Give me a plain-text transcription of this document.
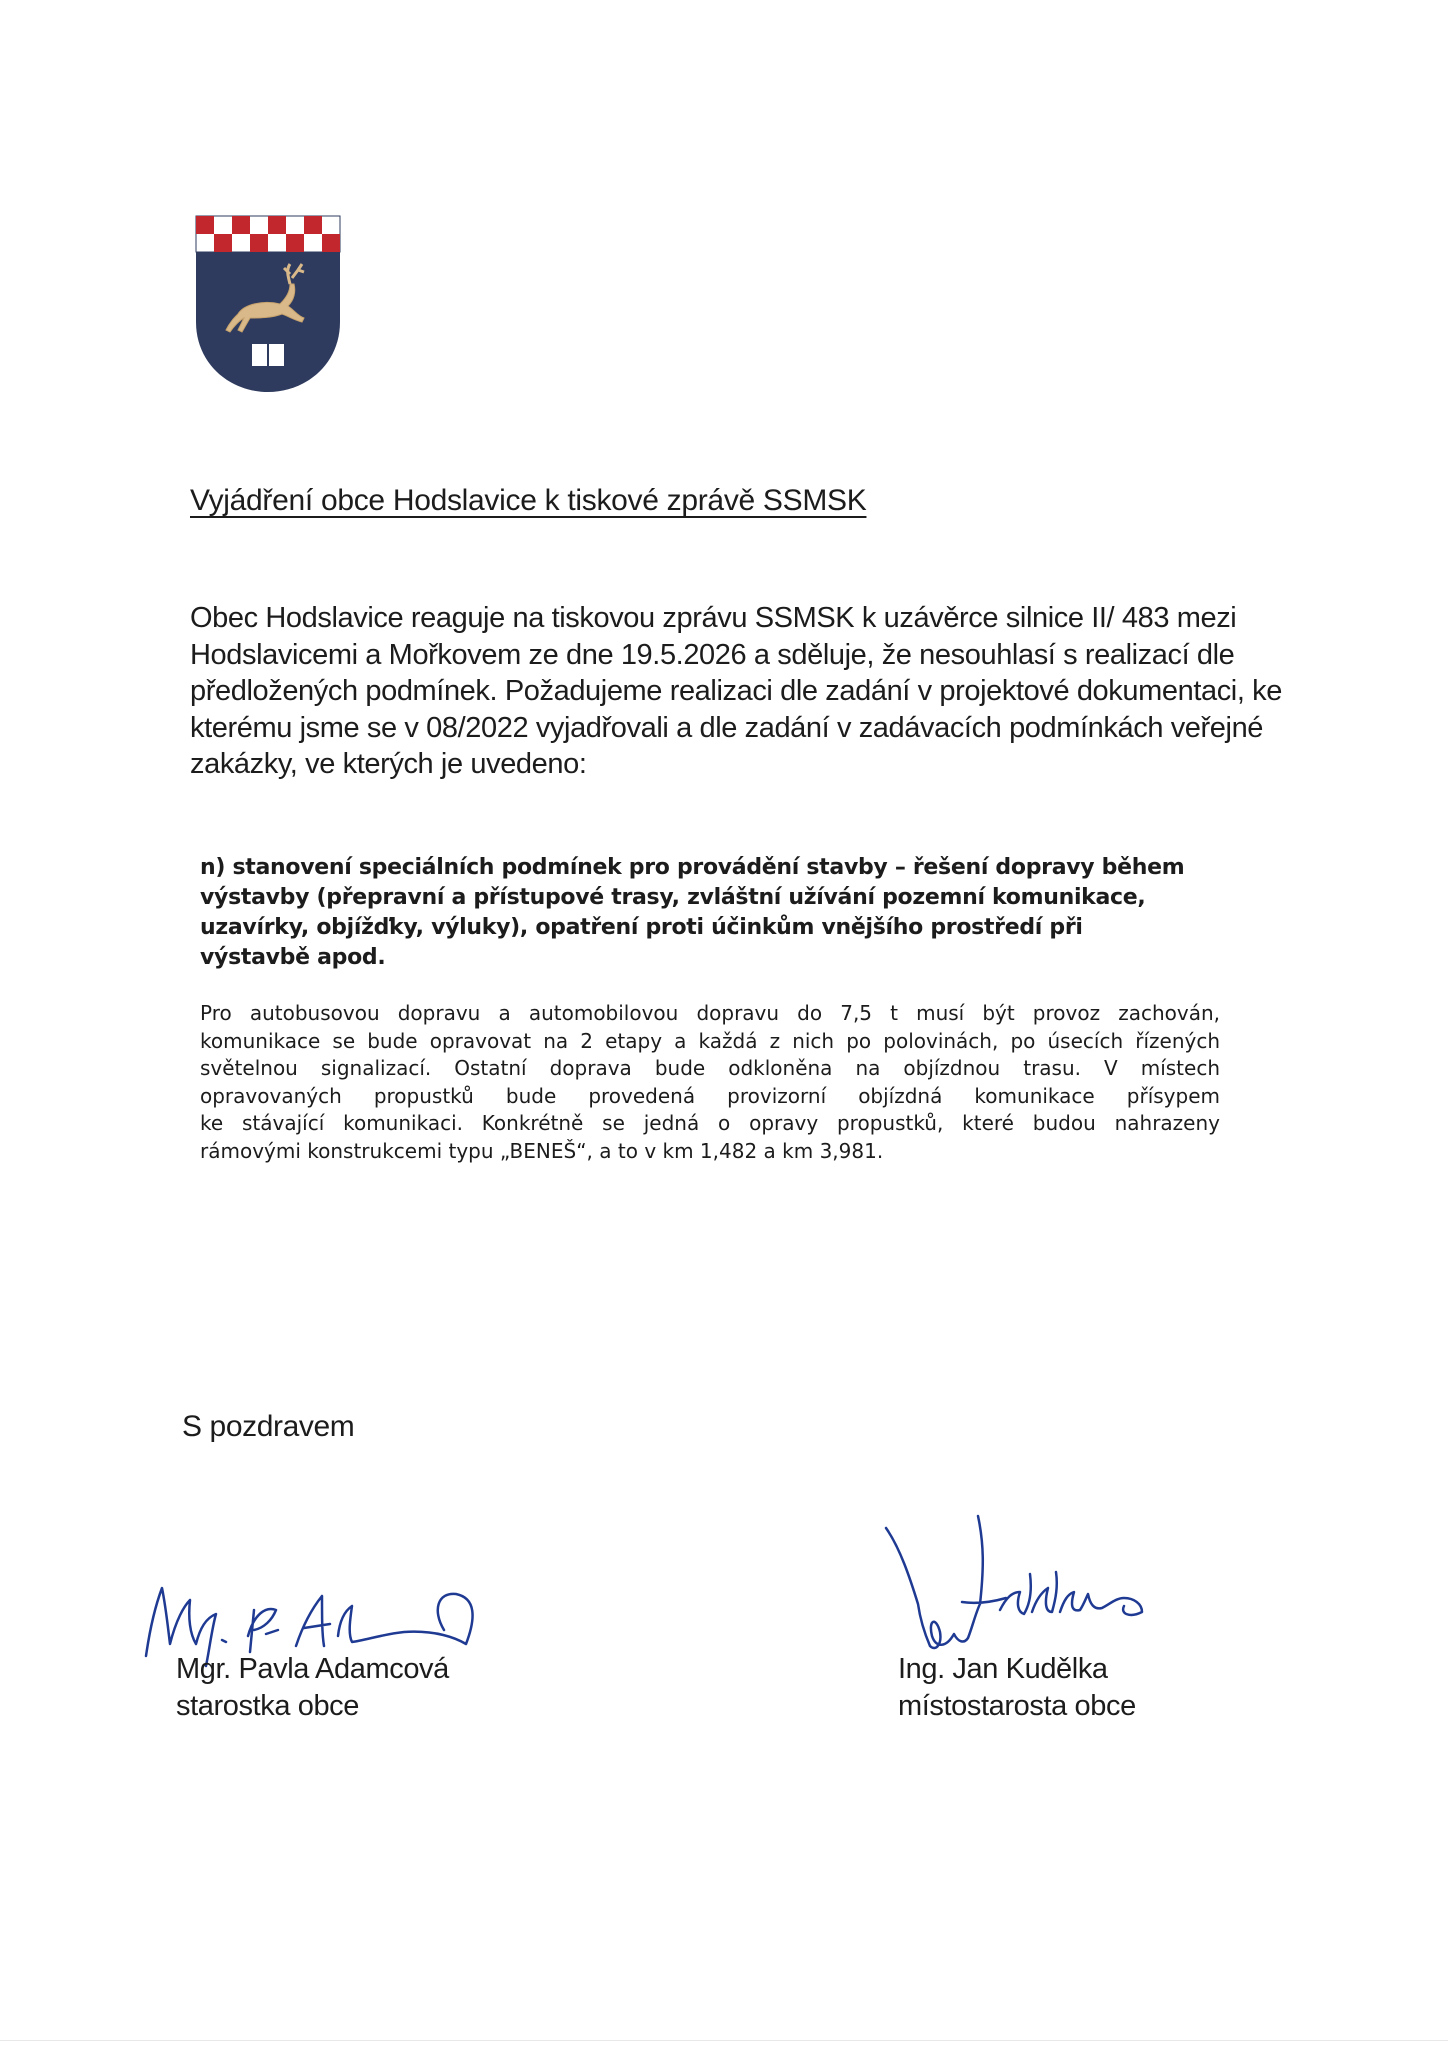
Vyjádření obce Hodslavice k tiskové zprávě SSMSK

Obec Hodslavice reaguje na tiskovou zprávu SSMSK k uzávěrce silnice II/ 483 mezi
Hodslavicemi a Mořkovem ze dne 19.5.2026 a sděluje, že nesouhlasí s realizací dle
předložených podmínek. Požadujeme realizaci dle zadání v projektové dokumentaci, ke
kterému jsme se v 08/2022 vyjadřovali a dle zadání v zadávacích podmínkách veřejné
zakázky, ve kterých je uvedeno:

n) stanovení speciálních podmínek pro provádění stavby – řešení dopravy během
výstavby (přepravní a přístupové trasy, zvláštní užívání pozemní komunikace,
uzavírky, objížďky, výluky), opatření proti účinkům vnějšího prostředí při
výstavbě apod.

Pro autobusovou dopravu a automobilovou dopravu do 7,5 t musí být provoz zachován,
komunikace se bude opravovat na 2 etapy a každá z nich po polovinách, po úsecích řízených
světelnou signalizací. Ostatní doprava bude odkloněna na objízdnou trasu. V místech
opravovaných propustků bude provedená provizorní objízdná komunikace přísypem
ke stávající komunikaci. Konkrétně se jedná o opravy propustků, které budou nahrazeny
rámovými konstrukcemi typu „BENEŠ“, a to v km 1,482 a km 3,981.

S pozdravem

Mgr. Pavla Adamcová
starostka obce
Ing. Jan Kudělka
místostarosta obce
